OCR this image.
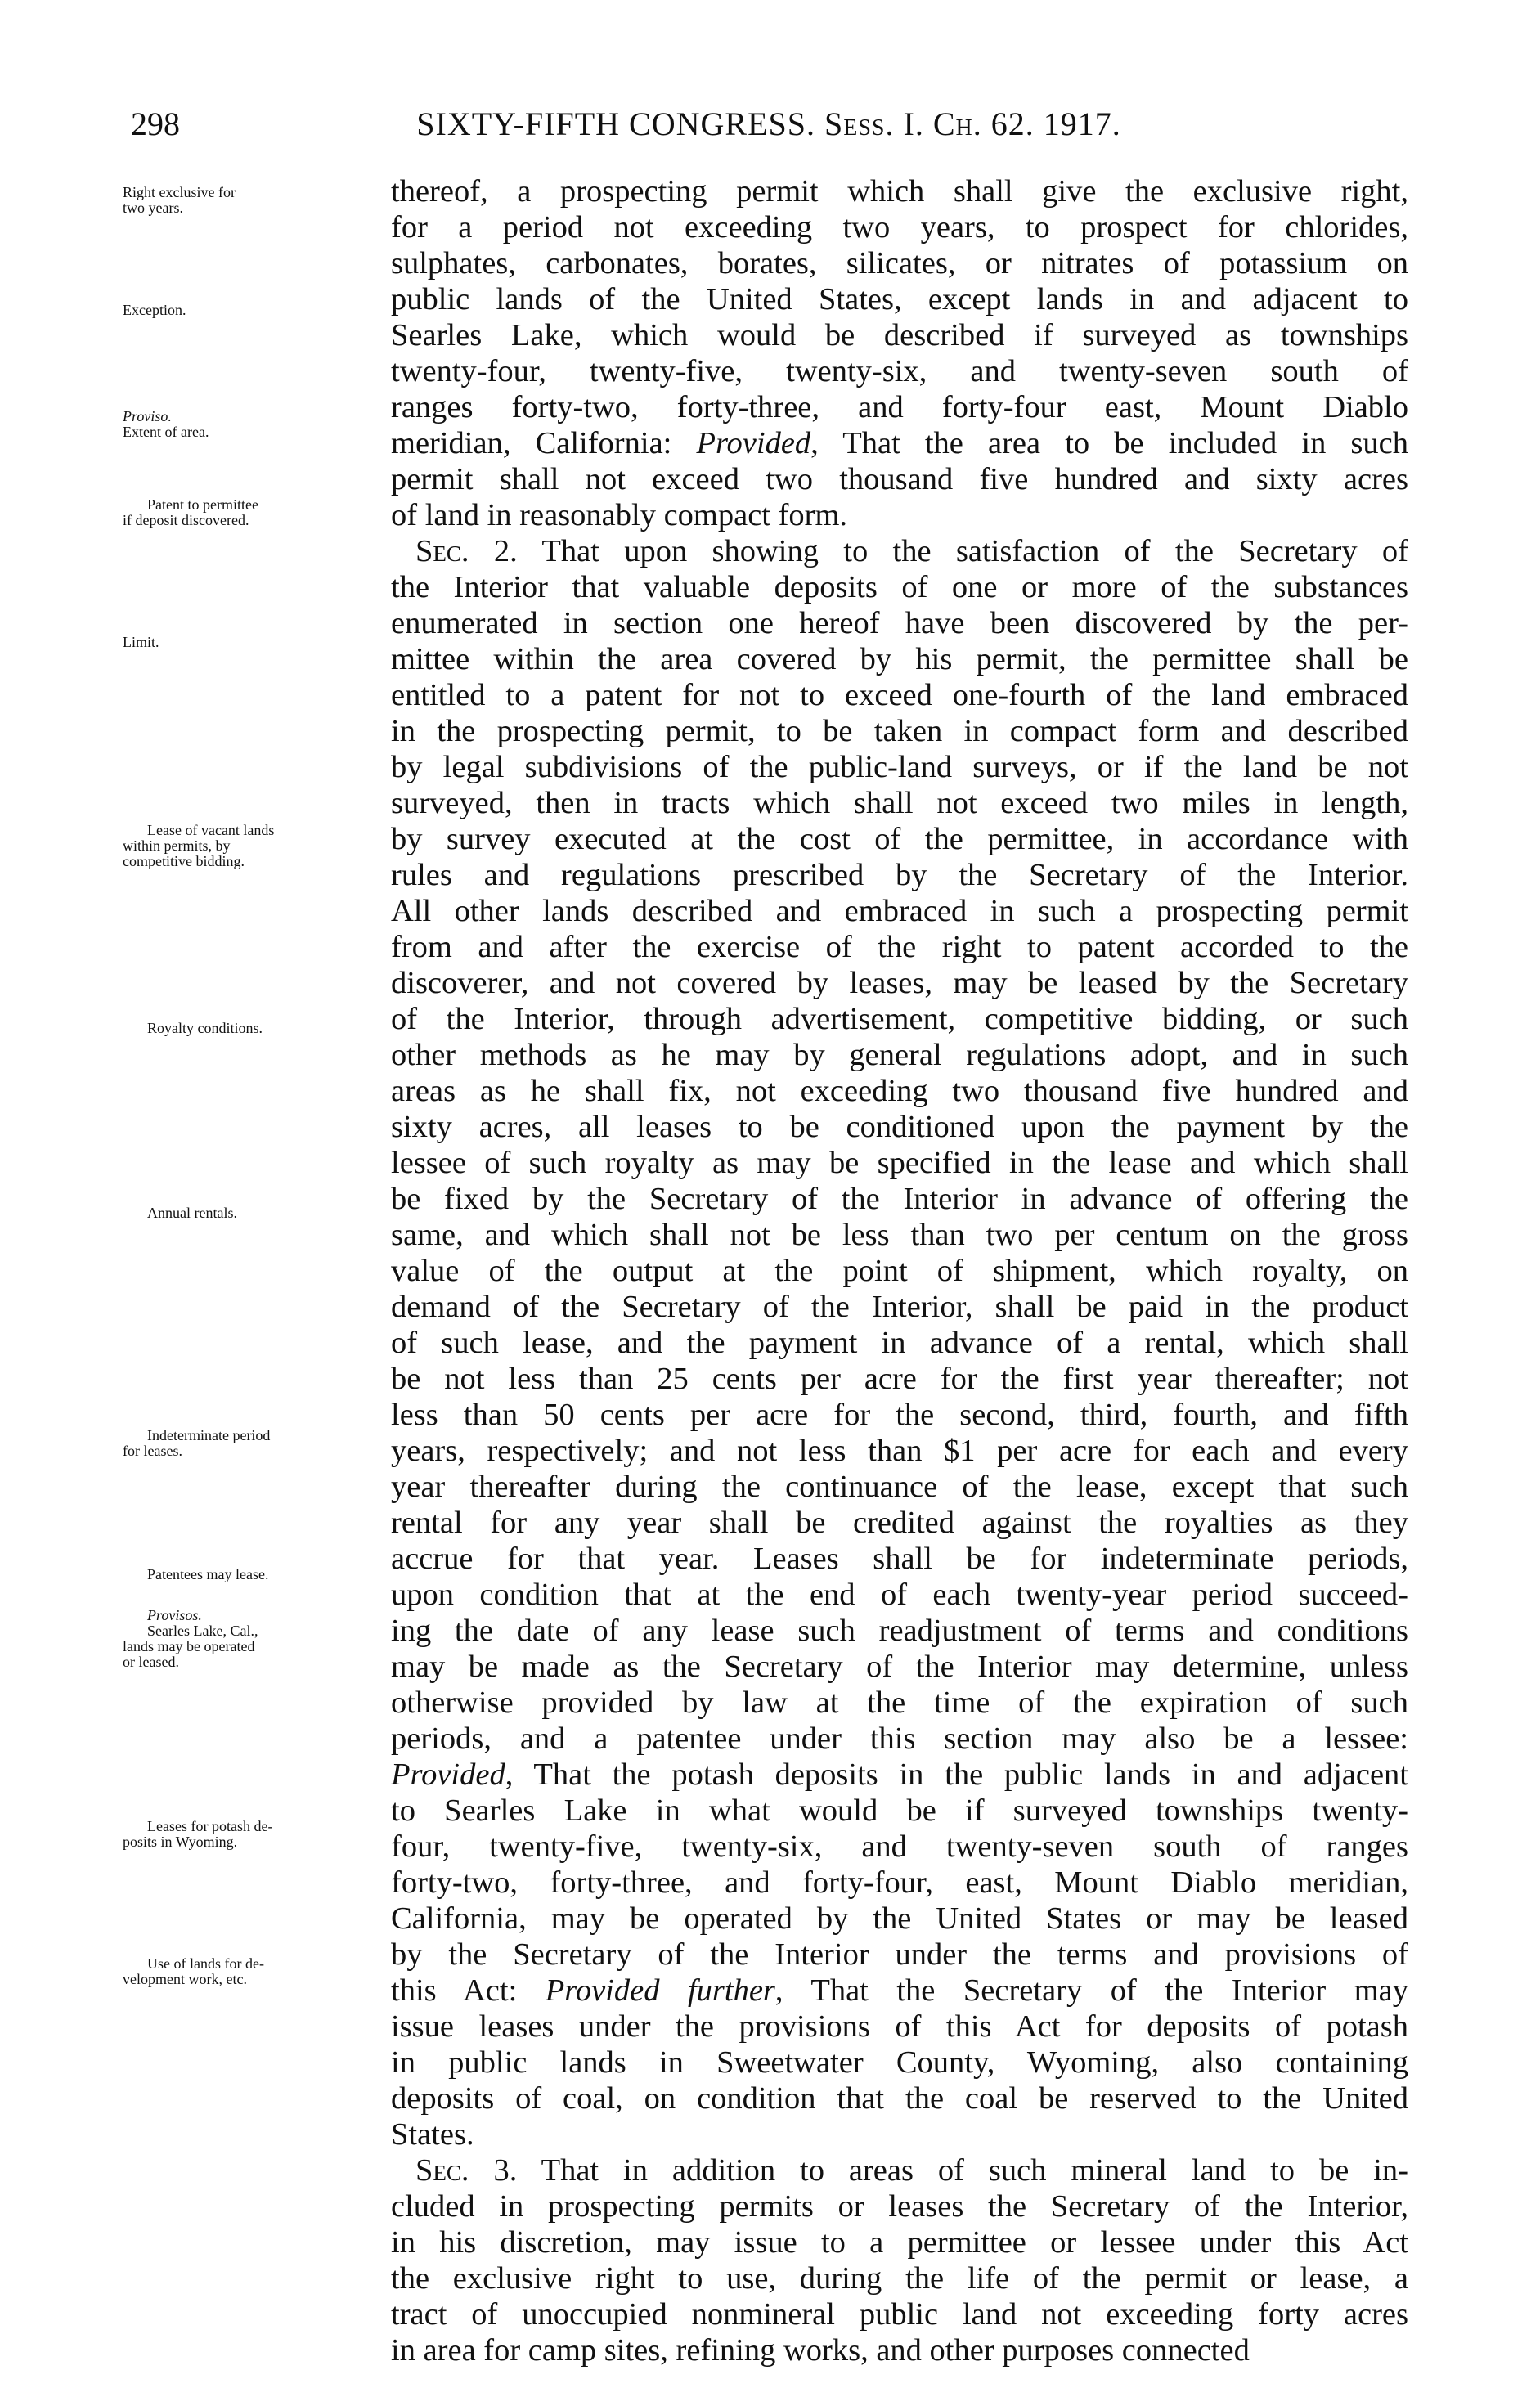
298	SIXTY-FIFTH CONGRESS. Sess. I. Ch. 62. 1917.
Right exclusive for
two years.
Exception.
Proviso.
Extent of area.
Patent to permittee
if deposit discovered.
Limit.
Lease of vacant lands
within permits, by
competitive bidding.
Royalty conditions.
Annual rentals.
Indeterminate period
for leases.
Patentees may lease.
Provisos.
Searles Lake, Cal.,
lands may be operated
or leased.
Leases for potash de-
posits in Wyoming.
Use of lands for de-
velopment work, etc.
thereof, a prospecting permit which shall give the exclusive right,
for a period not exceeding two years, to prospect for chlorides,
sulphates, carbonates, borates, silicates, or nitrates of potassium on
public lands of the United States, except lands in and adjacent to
Searles Lake, which would be described if surveyed as townships
twenty-four, twenty-five, twenty-six, and twenty-seven south of
ranges forty-two, forty-three, and forty-four east, Mount Diablo
meridian, California: Provided, That the area to be included in such
permit shall not exceed two thousand five hundred and sixty acres
of land in reasonably compact form.
Sec. 2. That upon showing to the satisfaction of the Secretary of
the Interior that valuable deposits of one or more of the substances
enumerated in section one hereof have been discovered by the per-
mittee within the area covered by his permit, the permittee shall be
entitled to a patent for not to exceed one-fourth of the land embraced
in the prospecting permit, to be taken in compact form and described
by legal subdivisions of the public-land surveys, or if the land be not
surveyed, then in tracts which shall not exceed two miles in length,
by survey executed at the cost of the permittee, in accordance with
rules and regulations prescribed by the Secretary of the Interior.
All other lands described and embraced in such a prospecting permit
from and after the exercise of the right to patent accorded to the
discoverer, and not covered by leases, may be leased by the Secretary
of the Interior, through advertisement, competitive bidding, or such
other methods as he may by general regulations adopt, and in such
areas as he shall fix, not exceeding two thousand five hundred and
sixty acres, all leases to be conditioned upon the payment by the
lessee of such royalty as may be specified in the lease and which shall
be fixed by the Secretary of the Interior in advance of offering the
same, and which shall not be less than two per centum on the gross
value of the output at the point of shipment, which royalty, on
demand of the Secretary of the Interior, shall be paid in the product
of such lease, and the payment in advance of a rental, which shall
be not less than 25 cents per acre for the first year thereafter; not
less than 50 cents per acre for the second, third, fourth, and fifth
years, respectively; and not less than $1 per acre for each and every
year thereafter during the continuance of the lease, except that such
rental for any year shall be credited against the royalties as they
accrue for that year. Leases shall be for indeterminate periods,
upon condition that at the end of each twenty-year period succeed-
ing the date of any lease such readjustment of terms and conditions
may be made as the Secretary of the Interior may determine, unless
otherwise provided by law at the time of the expiration of such
periods, and a patentee under this section may also be a lessee:
Provided, That the potash deposits in the public lands in and adjacent
to Searles Lake in what would be if surveyed townships twenty-
four, twenty-five, twenty-six, and twenty-seven south of ranges
forty-two, forty-three, and forty-four, east, Mount Diablo meridian,
California, may be operated by the United States or may be leased
by the Secretary of the Interior under the terms and provisions of
this Act: Provided further, That the Secretary of the Interior may
issue leases under the provisions of this Act for deposits of potash
in public lands in Sweetwater County, Wyoming, also containing
deposits of coal, on condition that the coal be reserved to the United
States.
Sec. 3. That in addition to areas of such mineral land to be in-
cluded in prospecting permits or leases the Secretary of the Interior,
in his discretion, may issue to a permittee or lessee under this Act
the exclusive right to use, during the life of the permit or lease, a
tract of unoccupied nonmineral public land not exceeding forty acres
in area for camp sites, refining works, and other purposes connected
